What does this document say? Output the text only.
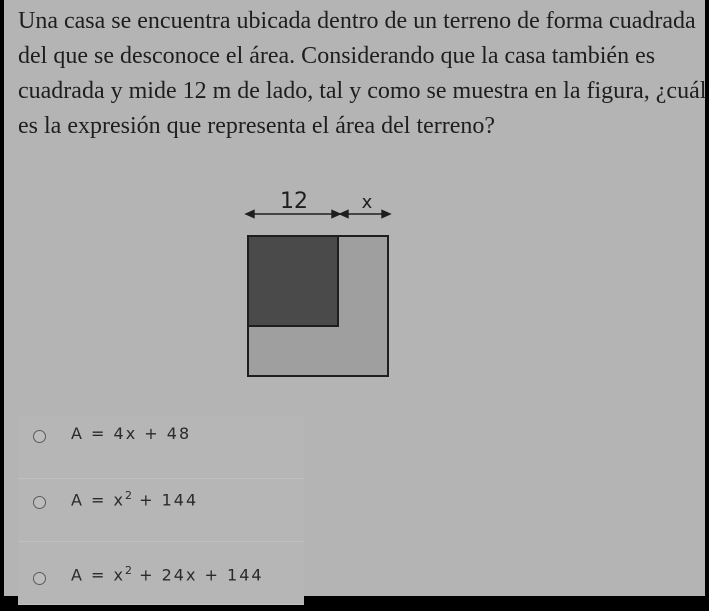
Una casa se encuentra ubicada dentro de un terreno de forma cuadrada del que se desconoce el área. Considerando que la casa también es cuadrada y mide 12 m de lado, tal y como se muestra en la figura, ¿cuál es la expresión que representa el área del terreno?

12	x
A = 4x + 48
$A = x^2 + 144$
$A = x^2 + 24x + 144$
